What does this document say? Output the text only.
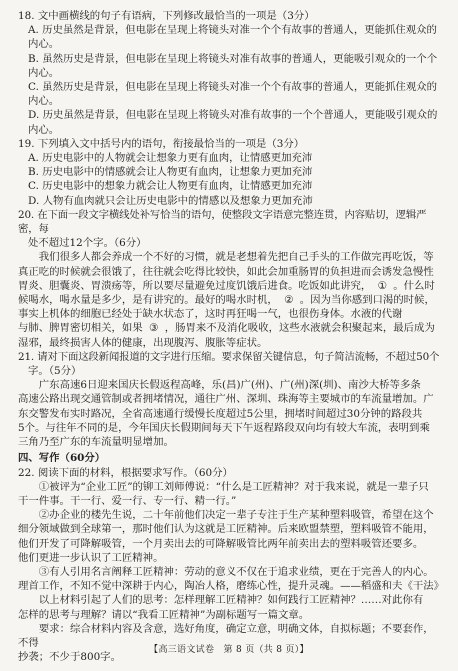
18. 文中画横线的句子有语病，下列修改最恰当的一项是（3分）

A. 历史虽然是背景，但电影在呈现上将镜头对准一个个有故事的普通人，更能抓住观众的内心。

B. 虽然历史是背景，但电影在呈现上将镜头对准有故事的普通人，更能吸引观众的一个个内心。

C. 虽然历史是背景，但电影在呈现上将镜头对准一个个有故事的普通人，更能抓住观众的内心。

D. 历史虽然是背景，但电影在呈现上将镜头对准有故事的一个个普通人，更能吸引观众的内心。

19. 下列填入文中括号内的语句，衔接最恰当的一项是（3分）

A. 历史电影中的人物就会让想象力更有血肉，让情感更加充沛

B. 历史电影中的情感就会让人物更有血肉，让想象力更加充沛

C. 历史电影中的想象力就会让人物更有血肉，让情感更加充沛

D. 人物有血肉就只会让历史电影中的情感以及想象力更加充沛

20. 在下面一段文字横线处补写恰当的语句，使整段文字语意完整连贯，内容贴切，逻辑严密，每

处不超过12个字。（6分）

我们很多人都会养成一个不好的习惯，就是老想着先把自己手头的工作做完再吃饭，等

真正吃的时候就会很饿了，往往就会吃得比较快，如此会加重肠胃的负担进而会诱发急慢性

胃炎、胆囊炎、胃溃疡等，所以要尽量避免过度饥饿后进食。吃饭如此讲究， ① 。什么时

候喝水，喝水量是多少，是有讲究的。最好的喝水时机， ② 。因为当你感到口渴的时候，

事实上机体的细胞已经处于缺水状态了，这时再狂喝一气，也很伤身体。水液的代谢

与肺、脾胃密切相关，如果 ③ ，肠胃来不及消化吸收，这些水液就会积聚起来，最后成为

湿邪，最终损害人体的健康，出现腹泻、腹胀等症状。

21. 请对下面这段新闻报道的文字进行压缩。要求保留关键信息，句子简洁流畅，不超过50个

字。（5分）

广东高速6日迎来国庆长假返程高峰，乐(昌)广(州)、广(州)深(圳)、南沙大桥等多条

高速公路出现交通管制或者拥堵情况，通往广州、深圳、珠海等主要城市的车流量增加。广

东交警发布实时路况，全省高速通行缓慢长度超过5公里，拥堵时间超过30分钟的路段共

5个。与往年不同的是，今年国庆长假期间每天下午返程路段双向均有较大车流，表明到乘

三角乃至广东的车流量明显增加。

四、写作（60分）

22. 阅读下面的材料，根据要求写作。（60分）

①被评为“企业工匠”的铆工刘师傅说：“什么是工匠精神？对于我来说，就是一辈子只

干一件事。干一行、爱一行、专一行、精一行。”

②办企业的楼先生说，二十年前他们决定一辈子专注于生产某种塑料吸管，希望在这个

细分领域做到全球第一，那时他们认为这就是工匠精神。后来欧盟禁塑，塑料吸管不能用，

他们开发了可降解吸管，一个月卖出去的可降解吸管比两年前卖出去的塑料吸管还要多。

他们更进一步认识了工匠精神。

③有人引用名言阐释工匠精神：劳动的意义不仅在于追求业绩，更在于完善人的内心。

理首工作，不知不觉中深耕于内心，陶冶人格，磨练心性，提升灵魂。——稻盛和夫《干法》

以上材料引起了人们的思考：怎样理解工匠精神？如何践行工匠精神？……对此你有

怎样的思考与理解？请以“我看工匠精神”为副标题写一篇文章。

要求：综合材料内容及含意，选好角度，确定立意，明确文体，自拟标题；不要套作，不得

抄袭；不少于800字。

【高三语文试卷　第 8 页（共 8 页）】
